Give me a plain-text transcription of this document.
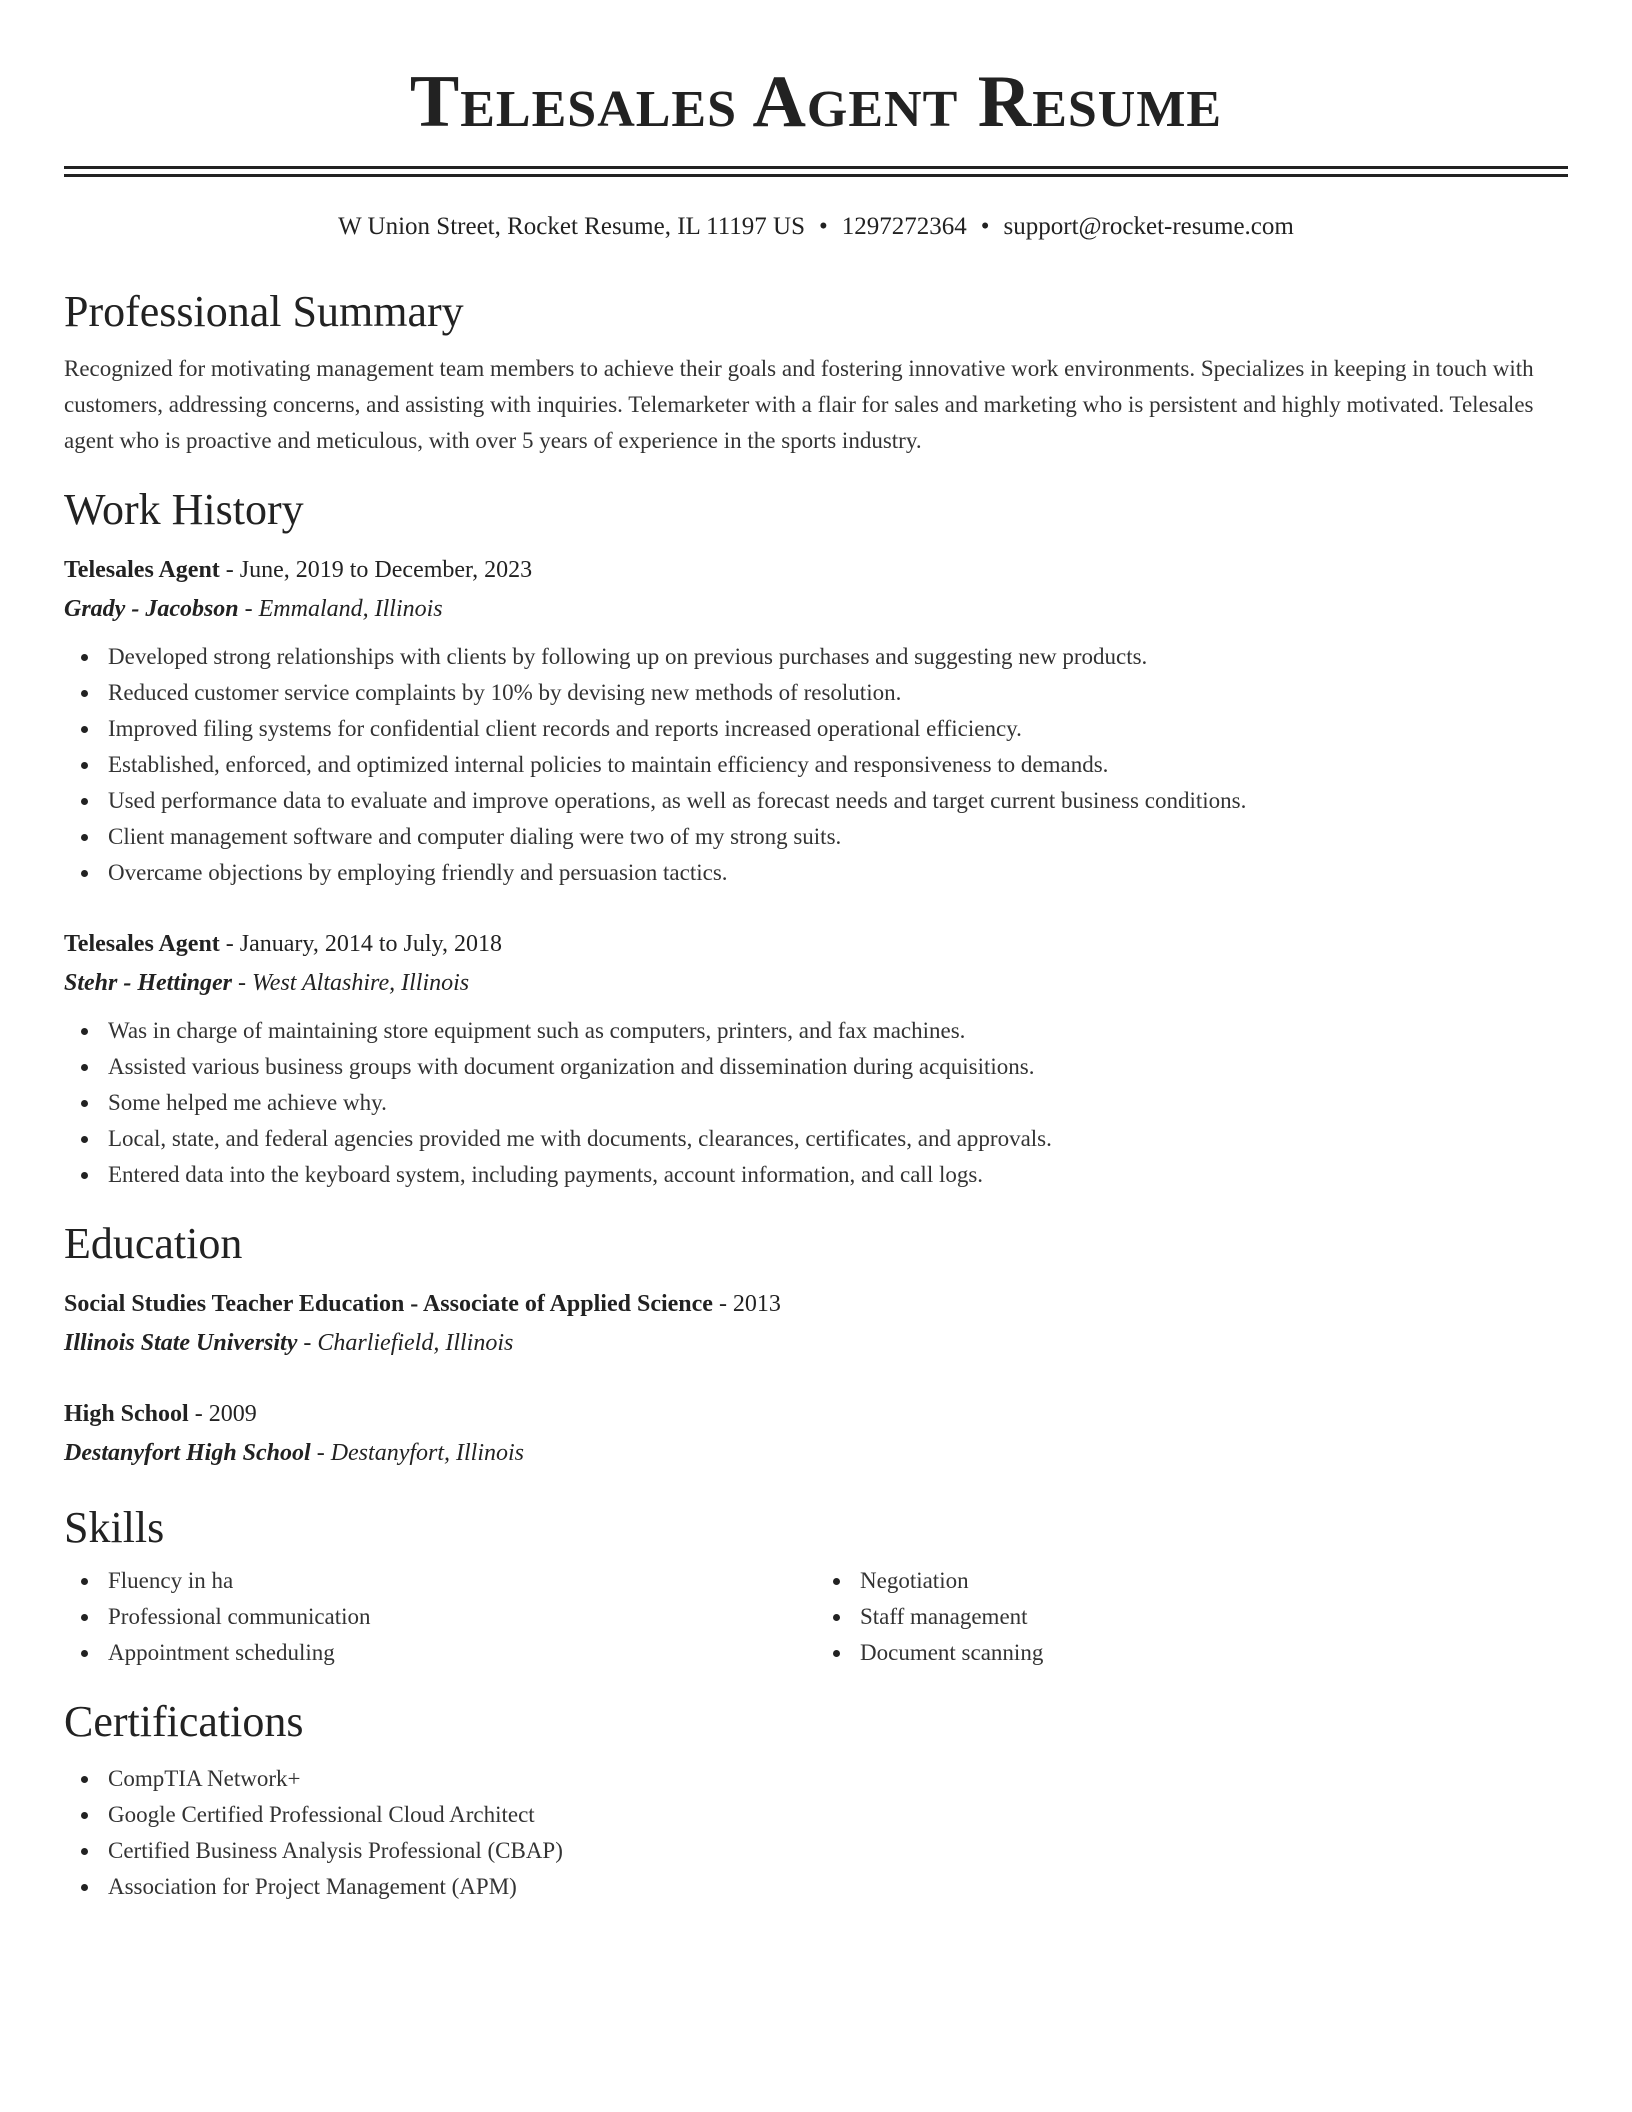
Telesales Agent Resume
W Union Street, Rocket Resume, IL 11197 US • 1297272364 • support@rocket-resume.com
Professional Summary

Recognized for motivating management team members to achieve their goals and fostering innovative work environments. Specializes in keeping in touch with customers, addressing concerns, and assisting with inquiries. Telemarketer with a flair for sales and marketing who is persistent and highly motivated. Telesales agent who is proactive and meticulous, with over 5 years of experience in the sports industry.

Work History
Telesales Agent - June, 2019 to December, 2023
Grady - Jacobson - Emmaland, Illinois
Developed strong relationships with clients by following up on previous purchases and suggesting new products.
Reduced customer service complaints by 10% by devising new methods of resolution.
Improved filing systems for confidential client records and reports increased operational efficiency.
Established, enforced, and optimized internal policies to maintain efficiency and responsiveness to demands.
Used performance data to evaluate and improve operations, as well as forecast needs and target current business conditions.
Client management software and computer dialing were two of my strong suits.
Overcame objections by employing friendly and persuasion tactics.
Telesales Agent - January, 2014 to July, 2018
Stehr - Hettinger - West Altashire, Illinois
Was in charge of maintaining store equipment such as computers, printers, and fax machines.
Assisted various business groups with document organization and dissemination during acquisitions.
Some helped me achieve why.
Local, state, and federal agencies provided me with documents, clearances, certificates, and approvals.
Entered data into the keyboard system, including payments, account information, and call logs.
Education
Social Studies Teacher Education - Associate of Applied Science - 2013
Illinois State University - Charliefield, Illinois
High School - 2009
Destanyfort High School - Destanyfort, Illinois
Skills
Fluency in ha
Professional communication
Appointment scheduling
Negotiation
Staff management
Document scanning
Certifications
CompTIA Network+
Google Certified Professional Cloud Architect
Certified Business Analysis Professional (CBAP)
Association for Project Management (APM)
